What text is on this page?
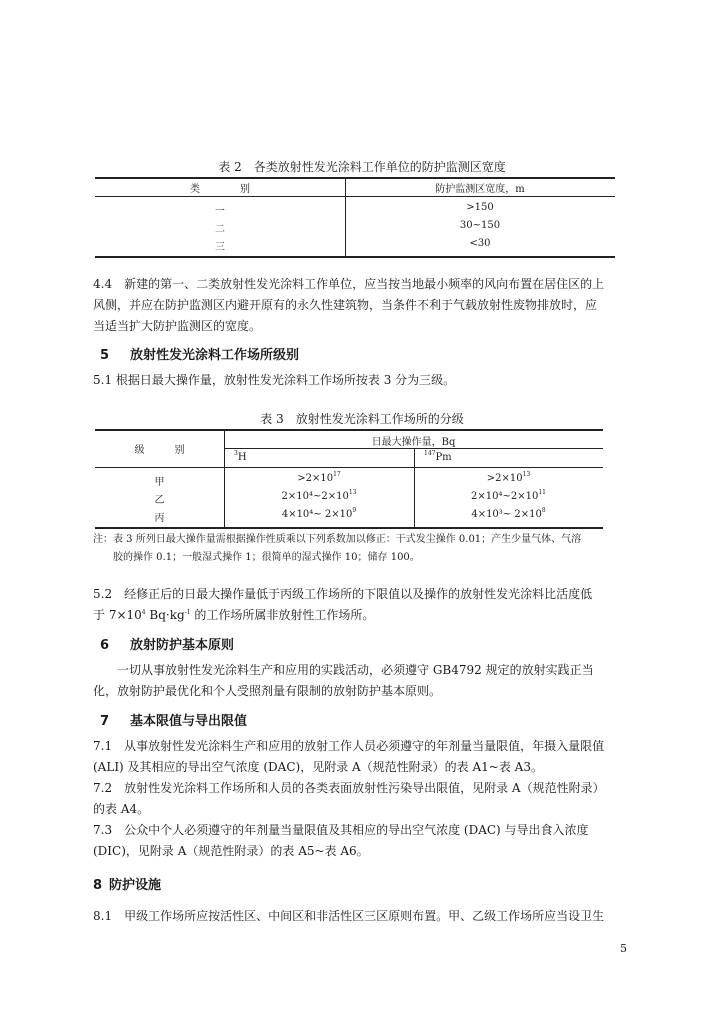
表 2　各类放射性发光涂料工作单位的防护监测区宽度
类　　　　别	防护监测区宽度，m
一	>150
二	30~150
三	<30
4.4　新建的第一、二类放射性发光涂料工作单位，应当按当地最小频率的风向布置在居住区的上
风侧，并应在防护监测区内避开原有的永久性建筑物，当条件不利于气载放射性废物排放时，应
当适当扩大防护监测区的宽度。
5 放射性发光涂料工作场所级别
5.1 根据日最大操作量，放射性发光涂料工作场所按表 3 分为三级。
表 3　放射性发光涂料工作场所的分级
级　　　别
日最大操作量，Bq
$^3$H	$^{147}$Pm
甲	$>2\times 10^{17}$	$>2\times 10^{13}$
乙	$2\times 10^4\sim 2\times 10^{13}$	$2\times 10^4\sim 2\times 10^{11}$
丙	4×10⁴~ $2\times 10^9$	4×10³~ $2\times 10^8$
注：表 3 所列日最大操作量需根据操作性质乘以下列系数加以修正：干式发尘操作 0.01；产生少量气体、气溶
胶的操作 0.1；一般湿式操作 1；很简单的湿式操作 10；储存 100。
5.2　经修正后的日最大操作量低于丙级工作场所的下限值以及操作的放射性发光涂料比活度低
于 $7\times 10^4$ $Bq\cdot kg^{-1}$ 的工作场所属非放射性工作场所。
6 放射防护基本原则
　　一切从事放射性发光涂料生产和应用的实践活动，必须遵守 GB4792 规定的放射实践正当
化，放射防护最优化和个人受照剂量有限制的放射防护基本原则。
7 基本限值与导出限值
7.1　从事放射性发光涂料生产和应用的放射工作人员必须遵守的年剂量当量限值，年摄入量限值
(ALI) 及其相应的导出空气浓度 (DAC)，见附录 A（规范性附录）的表 A1~表 A3。
7.2　放射性发光涂料工作场所和人员的各类表面放射性污染导出限值，见附录 A（规范性附录）
的表 A4。
7.3　公众中个人必须遵守的年剂量当量限值及其相应的导出空气浓度 (DAC) 与导出食入浓度
(DIC)，见附录 A（规范性附录）的表 A5~表 A6。
8 防护设施
8.1　甲级工作场所应按活性区、中间区和非活性区三区原则布置。甲、乙级工作场所应当设卫生
5
